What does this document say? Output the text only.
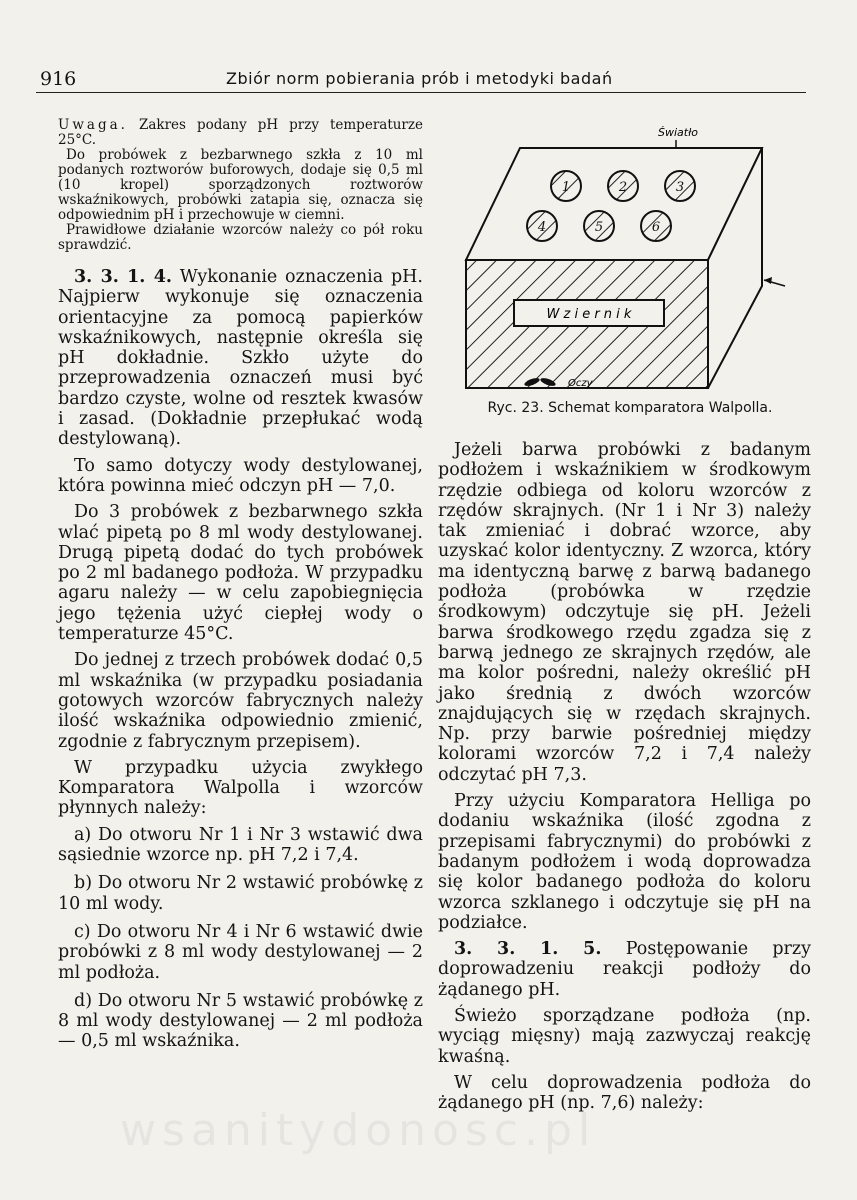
916	Zbiór norm pobierania prób i metodyki badań

Uwaga. Zakres podany pH przy temperaturze 25°C.

Do probówek z bezbarwnego szkła z 10 ml podanych roztworów buforowych, dodaje się 0,5 ml (10 kropel) sporządzonych roztworów wskaźnikowych, probówki zatapia się, oznacza się odpowiednim pH i przechowuje w ciemni.

Prawidłowe działanie wzorców należy co pół roku sprawdzić.

3. 3. 1. 4. Wykonanie oznaczenia pH. Najpierw wykonuje się oznaczenia orientacyjne za pomocą papierków wskaźnikowych, następnie określa się pH dokładnie. Szkło użyte do przeprowadzenia oznaczeń musi być bardzo czyste, wolne od resztek kwasów i zasad. (Dokładnie przepłukać wodą destylowaną).

To samo dotyczy wody destylowanej, która powinna mieć odczyn pH — 7,0.

Do 3 probówek z bezbarwnego szkła wlać pipetą po 8 ml wody destylowanej. Drugą pipetą dodać do tych probówek po 2 ml badanego podłoża. W przypadku agaru należy — w celu zapobiegnięcia jego tężenia użyć ciepłej wody o temperaturze 45°C.

Do jednej z trzech probówek dodać 0,5 ml wskaźnika (w przypadku posiadania gotowych wzorców fabrycznych należy ilość wskaźnika odpowiednio zmienić, zgodnie z fabrycznym przepisem).

W przypadku użycia zwykłego Komparatora Walpolla i wzorców płynnych należy:

a) Do otworu Nr 1 i Nr 3 wstawić dwa sąsiednie wzorce np. pH 7,2 i 7,4.

b) Do otworu Nr 2 wstawić probówkę z 10 ml wody.

c) Do otworu Nr 4 i Nr 6 wstawić dwie probówki z 8 ml wody destylowanej — 2 ml podłoża.

d) Do otworu Nr 5 wstawić probówkę z 8 ml wody destylowanej — 2 ml podłoża — 0,5 ml wskaźnika.

W z i e r n i k
1	2	3
4	5	6
Światło
Oczy
Ryc. 23. Schemat komparatora Walpolla.

Jeżeli barwa probówki z badanym podłożem i wskaźnikiem w środkowym rzędzie odbiega od koloru wzorców z rzędów skrajnych. (Nr 1 i Nr 3) należy tak zmieniać i dobrać wzorce, aby uzyskać kolor identyczny. Z wzorca, który ma identyczną barwę z barwą badanego podłoża (probówka w rzędzie środkowym) odczytuje się pH. Jeżeli barwa środkowego rzędu zgadza się z barwą jednego ze skrajnych rzędów, ale ma kolor pośredni, należy określić pH jako średnią z dwóch wzorców znajdujących się w rzędach skrajnych. Np. przy barwie pośredniej między kolorami wzorców 7,2 i 7,4 należy odczytać pH 7,3.

Przy użyciu Komparatora Helliga po dodaniu wskaźnika (ilość zgodna z przepisami fabrycznymi) do probówki z badanym podłożem i wodą doprowadza się kolor badanego podłoża do koloru wzorca szklanego i odczytuje się pH na podziałce.

3. 3. 1. 5. Postępowanie przy doprowadzeniu reakcji podłoży do żądanego pH.

Świeżo sporządzane podłoża (np. wyciąg mięsny) mają zazwyczaj reakcję kwaśną.

W celu doprowadzenia podłoża do żądanego pH (np. 7,6) należy:

wsanitydonosc.pl
